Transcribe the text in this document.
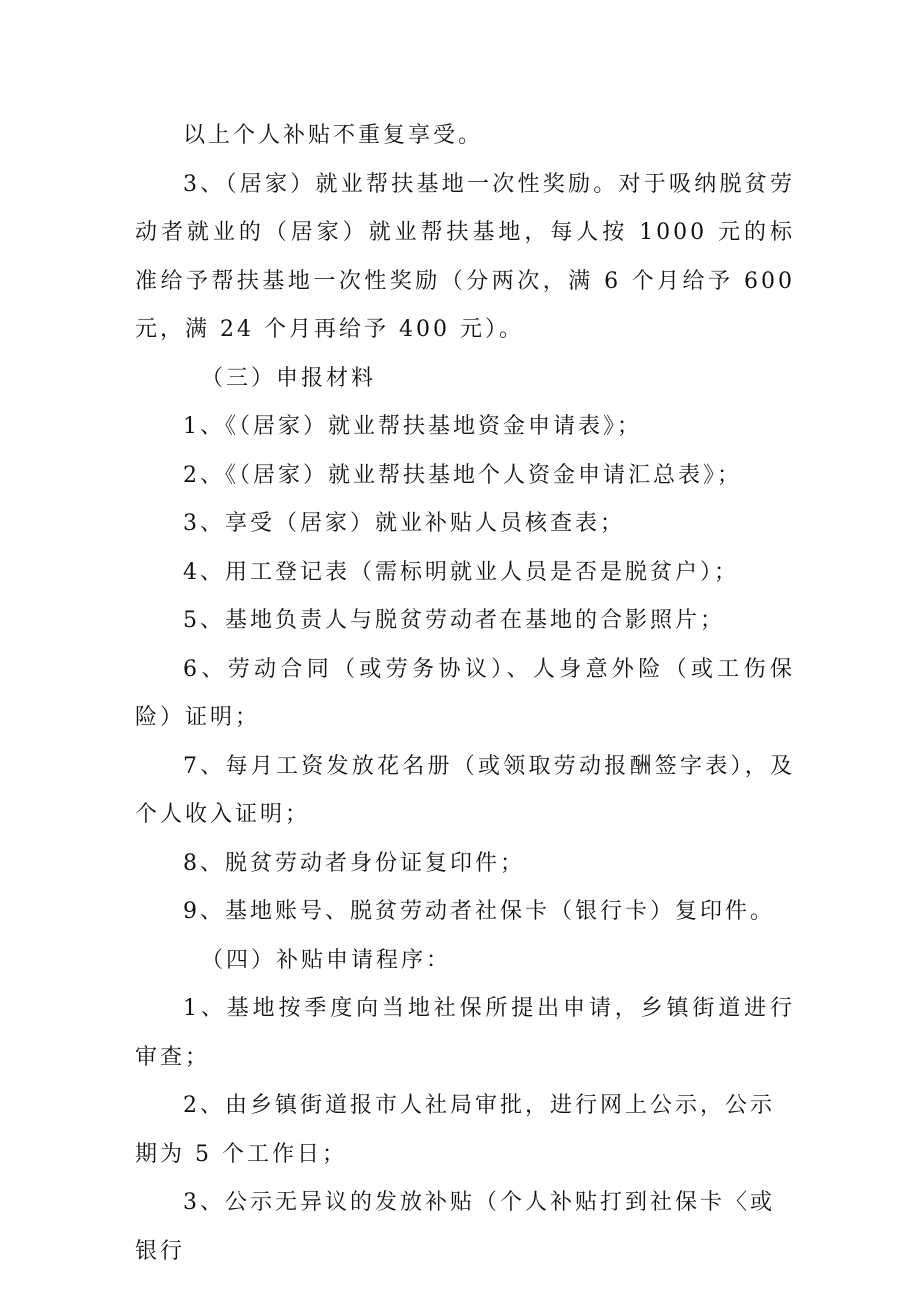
以上个人补贴不重复享受。

3、（居家）就业帮扶基地一次性奖励。对于吸纳脱贫劳动者就业的（居家）就业帮扶基地，每人按 1000 元的标准给予帮扶基地一次性奖励（分两次，满 6 个月给予 600 元，满 24 个月再给予 400 元）。

（三）申报材料

1、《（居家）就业帮扶基地资金申请表》；

2、《（居家）就业帮扶基地个人资金申请汇总表》；

3、享受（居家）就业补贴人员核查表；

4、用工登记表（需标明就业人员是否是脱贫户）；

5、基地负责人与脱贫劳动者在基地的合影照片；

6、劳动合同（或劳务协议）、人身意外险（或工伤保险）证明；

7、每月工资发放花名册（或领取劳动报酬签字表），及个人收入证明；

8、脱贫劳动者身份证复印件；

9、基地账号、脱贫劳动者社保卡（银行卡）复印件。

（四）补贴申请程序：

1、基地按季度向当地社保所提出申请，乡镇街道进行审查；

2、由乡镇街道报市人社局审批，进行网上公示，公示

期为 5 个工作日；

3、公示无异议的发放补贴（个人补贴打到社保卡〈或银行
